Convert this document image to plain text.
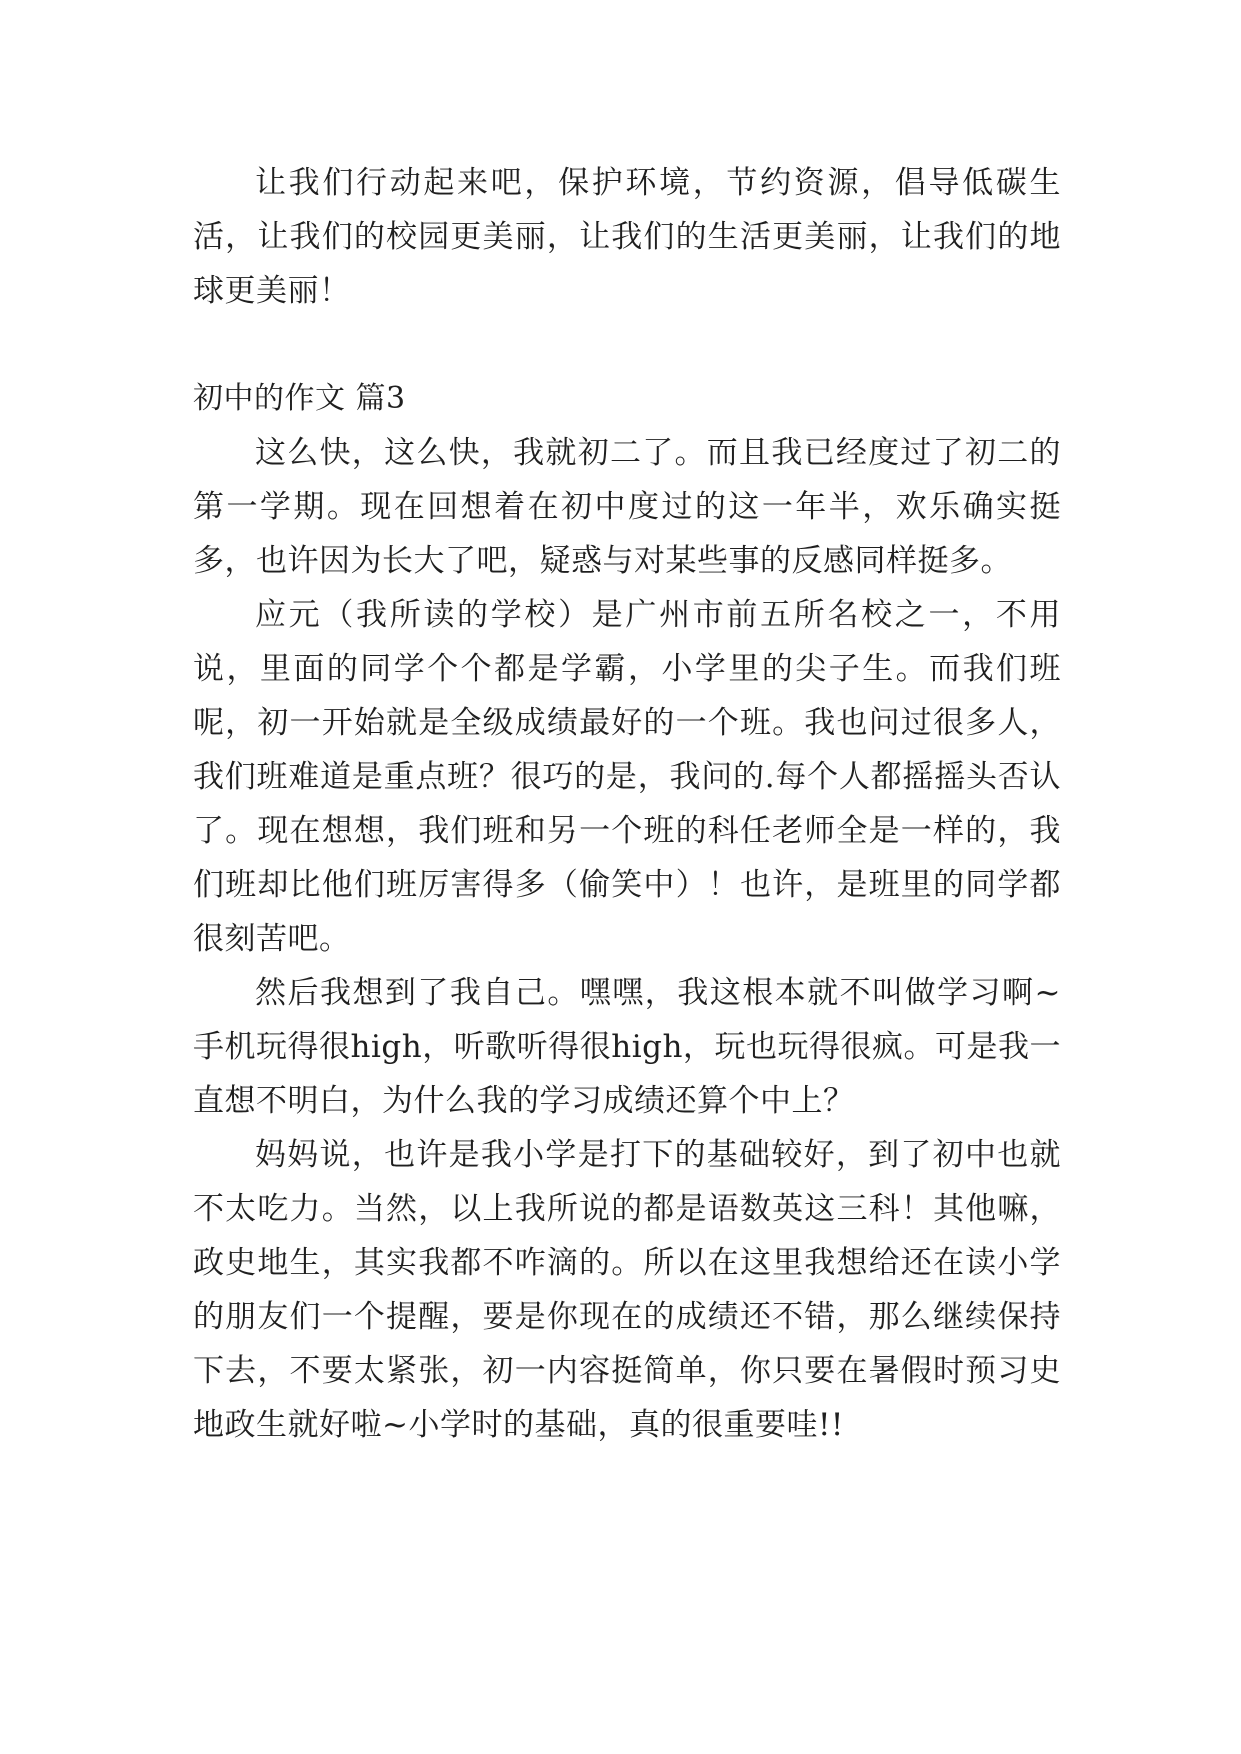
让我们行动起来吧，保护环境，节约资源，倡导低碳生活，让我们的校园更美丽，让我们的生活更美丽，让我们的地球更美丽！

初中的作文 篇3

这么快，这么快，我就初二了。而且我已经度过了初二的第一学期。现在回想着在初中度过的这一年半，欢乐确实挺多，也许因为长大了吧，疑惑与对某些事的反感同样挺多。

应元（我所读的学校）是广州市前五所名校之一，不用说，里面的同学个个都是学霸，小学里的尖子生。而我们班呢，初一开始就是全级成绩最好的一个班。我也问过很多人，我们班难道是重点班？很巧的是，我问的.每个人都摇摇头否认了。现在想想，我们班和另一个班的科任老师全是一样的，我们班却比他们班厉害得多（偷笑中）！也许，是班里的同学都很刻苦吧。

然后我想到了我自己。嘿嘿，我这根本就不叫做学习啊~手机玩得很high，听歌听得很high，玩也玩得很疯。可是我一直想不明白，为什么我的学习成绩还算个中上？

妈妈说，也许是我小学是打下的基础较好，到了初中也就不太吃力。当然，以上我所说的都是语数英这三科！其他嘛，政史地生，其实我都不咋滴的。所以在这里我想给还在读小学的朋友们一个提醒，要是你现在的成绩还不错，那么继续保持下去，不要太紧张，初一内容挺简单，你只要在暑假时预习史地政生就好啦~小学时的基础，真的很重要哇!!
